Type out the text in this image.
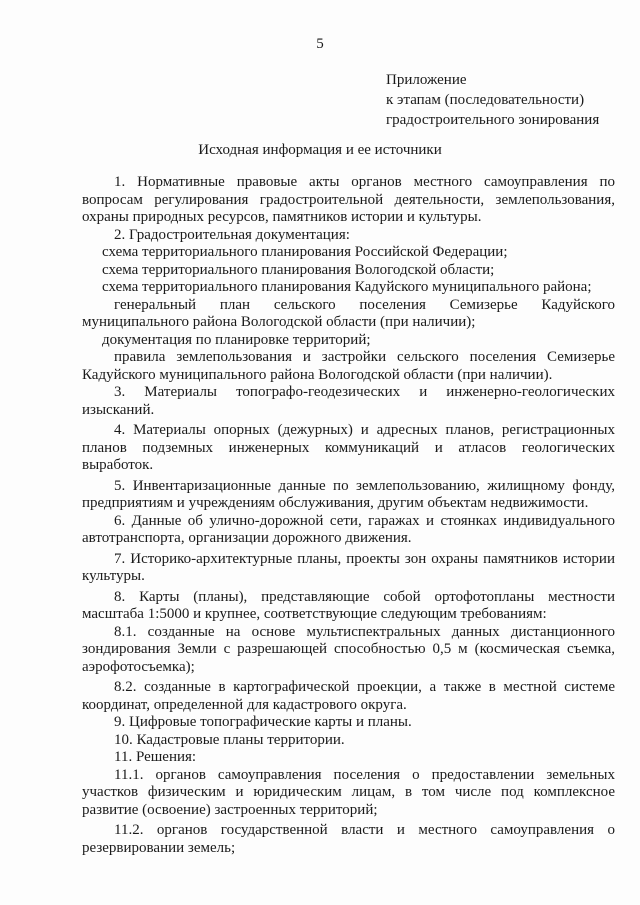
5
Приложение
к этапам (последовательности)
градостроительного зонирования
Исходная информация и ее источники

1. Нормативные правовые акты органов местного самоуправления по вопросам регулирования градостроительной деятельности, землепользования, охраны природных ресурсов, памятников истории и культуры.

2. Градостроительная документация:

схема территориального планирования Российской Федерации;

схема территориального планирования Вологодской области;

схема территориального планирования Кадуйского муниципального района;

генеральный план сельского поселения Семизерье Кадуйского муниципального района Вологодской области (при наличии);

документация по планировке территорий;

правила землепользования и застройки сельского поселения Семизерье Кадуйского муниципального района Вологодской области (при наличии).

3. Материалы топографо-геодезических и инженерно-геологических изысканий.

4. Материалы опорных (дежурных) и адресных планов, регистрационных планов подземных инженерных коммуникаций и атласов геологических выработок.

5. Инвентаризационные данные по землепользованию, жилищному фонду, предприятиям и учреждениям обслуживания, другим объектам недвижимости.

6. Данные об улично-дорожной сети, гаражах и стоянках индивидуального автотранспорта, организации дорожного движения.

7. Историко-архитектурные планы, проекты зон охраны памятников истории культуры.

8. Карты (планы), представляющие собой ортофотопланы местности масштаба 1:5000 и крупнее, соответствующие следующим требованиям:

8.1. созданные на основе мультиспектральных данных дистанционного зондирования Земли с разрешающей способностью 0,5 м (космическая съемка, аэрофотосъемка);

8.2. созданные в картографической проекции, а также в местной системе координат, определенной для кадастрового округа.

9. Цифровые топографические карты и планы.

10. Кадастровые планы территории.

11. Решения:

11.1. органов самоуправления поселения о предоставлении земельных участков физическим и юридическим лицам, в том числе под комплексное развитие (освоение) застроенных территорий;

11.2. органов государственной власти и местного самоуправления о резервировании земель;
